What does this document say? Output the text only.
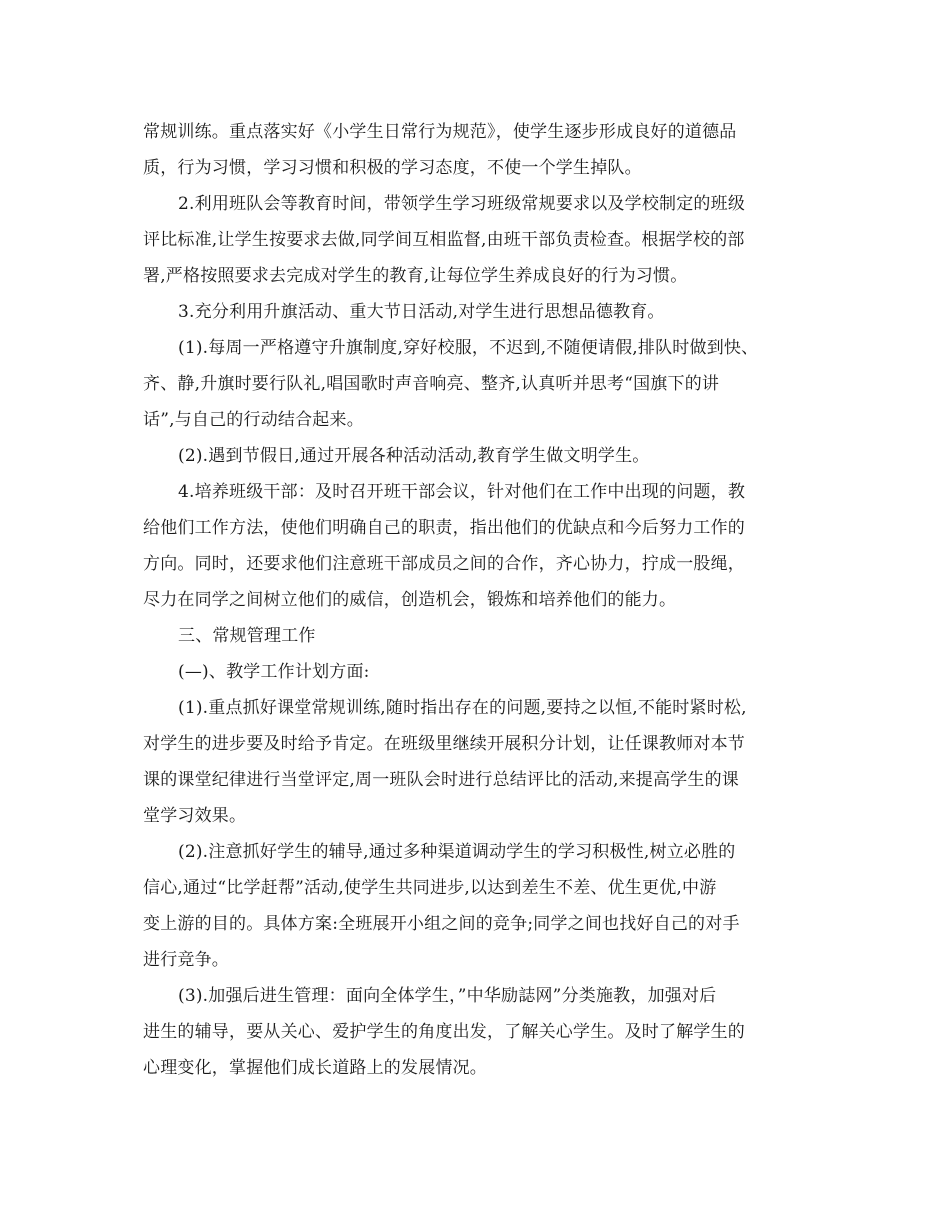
常规训练。重点落实好《小学生日常行为规范》，使学生逐步形成良好的道德品
质，行为习惯，学习习惯和积极的学习态度，不使一个学生掉队。
2.利用班队会等教育时间，带领学生学习班级常规要求以及学校制定的班级
评比标准,让学生按要求去做,同学间互相监督,由班干部负责检查。根据学校的部
署,严格按照要求去完成对学生的教育,让每位学生养成良好的行为习惯。
3.充分利用升旗活动、重大节日活动,对学生进行思想品德教育。
(1).每周一严格遵守升旗制度,穿好校服，不迟到,不随便请假,排队时做到快、
齐、静,升旗时要行队礼,唱国歌时声音响亮、整齐,认真听并思考“国旗下的讲
话”,与自己的行动结合起来。
(2).遇到节假日,通过开展各种活动活动,教育学生做文明学生。
4.培养班级干部：及时召开班干部会议，针对他们在工作中出现的问题，教
给他们工作方法，使他们明确自己的职责，指出他们的优缺点和今后努力工作的
方向。同时，还要求他们注意班干部成员之间的合作，齐心协力，拧成一股绳，
尽力在同学之间树立他们的威信，创造机会，锻炼和培养他们的能力。
三、常规管理工作
(—)、教学工作计划方面:
(1).重点抓好课堂常规训练,随时指出存在的问题,要持之以恒,不能时紧时松,
对学生的进步要及时给予肯定。在班级里继续开展积分计划，让任课教师对本节
课的课堂纪律进行当堂评定,周一班队会时进行总结评比的活动,来提高学生的课
堂学习效果。
(2).注意抓好学生的辅导,通过多种渠道调动学生的学习积极性,树立必胜的
信心,通过“比学赶帮”活动,使学生共同进步,以达到差生不差、优生更优,中游
变上游的目的。具体方案:全班展开小组之间的竞争;同学之间也找好自己的对手
进行竞争。
(3).加强后进生管理：面向全体学生，”中华励誌网”分类施教，加强对后
进生的辅导，要从关心、爱护学生的角度出发，了解关心学生。及时了解学生的
心理变化，掌握他们成长道路上的发展情况。
